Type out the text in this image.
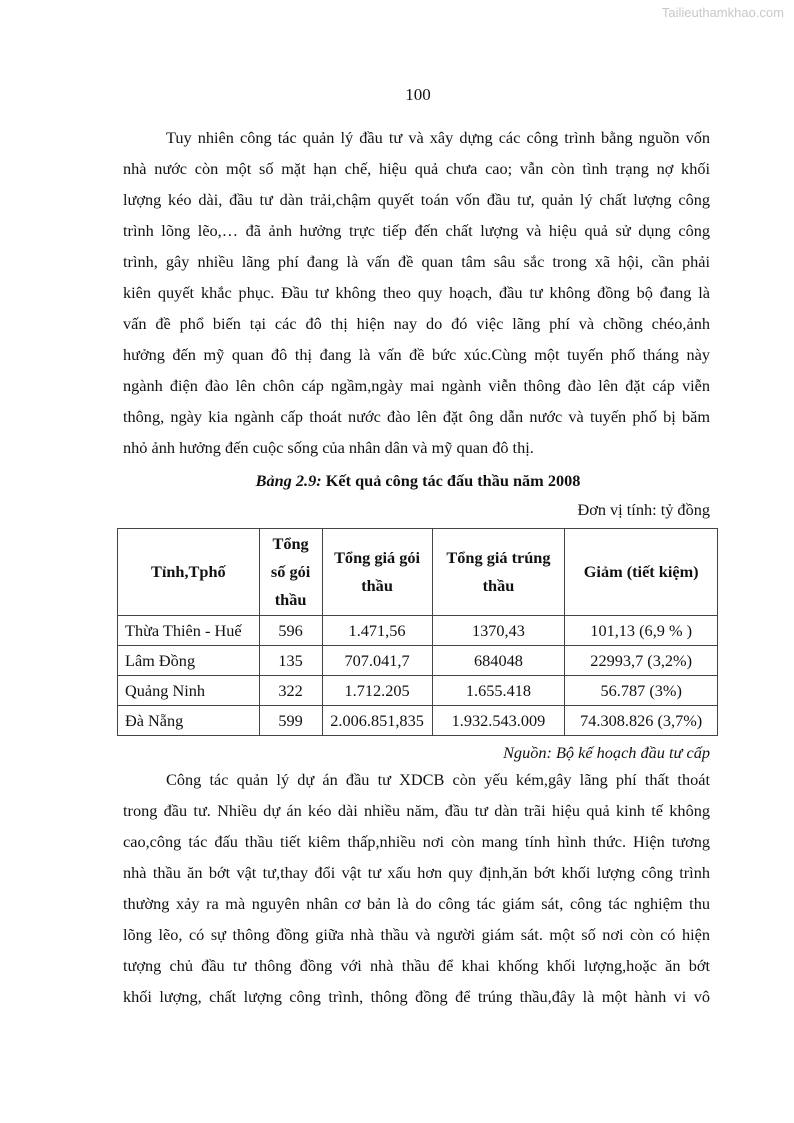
Tailieuthamkhao.com
100
Tuy nhiên công tác quản lý đầu tư và xây dựng các công trình bằng nguồn vốn
nhà nước còn một số mặt hạn chế, hiệu quả chưa cao; vẫn còn tình trạng nợ khối
lượng kéo dài, đầu tư dàn trải,chậm quyết toán vốn đầu tư, quản lý chất lượng công
trình lõng lẽo,… đã ảnh hưởng trực tiếp đến chất lượng và hiệu quả sử dụng công
trình, gây nhiều lãng phí đang là vấn đề quan tâm sâu sắc trong xã hội, cần phải
kiên quyết khắc phục. Đầu tư không theo quy hoạch, đầu tư không đồng bộ đang là
vấn đề phổ biến tại các đô thị hiện nay do đó việc lãng phí và chồng chéo,ảnh
hưởng đến mỹ quan đô thị đang là vấn đề bức xúc.Cùng một tuyến phố tháng này
ngành điện đào lên chôn cáp ngầm,ngày mai ngành viễn thông đào lên đặt cáp viễn
thông, ngày kia ngành cấp thoát nước đào lên đặt ông dẫn nước và tuyến phố bị băm
nhỏ ảnh hưởng đến cuộc sống của nhân dân và mỹ quan đô thị.
Bảng 2.9: Kết quả công tác đấu thầu năm 2008
Đơn vị tính: tỷ đồng
Tỉnh,Tphố	Tổng số gói thầu	Tổng giá gói thầu	Tổng giá trúng thầu	Giảm (tiết kiệm)
Thừa Thiên - Huế	596	1.471,56	1370,43	101,13 (6,9 % )
Lâm Đồng	135	707.041,7	684048	22993,7 (3,2%)
Quảng Ninh	322	1.712.205	1.655.418	56.787 (3%)
Đà Nẵng	599	2.006.851,835	1.932.543.009	74.308.826 (3,7%)
Nguồn: Bộ kế hoạch đầu tư cấp
Công tác quản lý dự án đầu tư XDCB còn yếu kém,gây lãng phí thất thoát
trong đầu tư. Nhiều dự án kéo dài nhiều năm, đầu tư dàn trãi hiệu quả kinh tế không
cao,công tác đấu thầu tiết kiêm thấp,nhiều nơi còn mang tính hình thức. Hiện tương
nhà thầu ăn bớt vật tư,thay đổi vật tư xấu hơn quy định,ăn bớt khối lượng công trình
thường xảy ra mà nguyên nhân cơ bản là do công tác giám sát, công tác nghiệm thu
lõng lẽo, có sự thông đồng giữa nhà thầu và người giám sát. một số nơi còn có hiện
tượng chủ đầu tư thông đồng với nhà thầu để khai khống khối lượng,hoặc ăn bớt
khối lượng, chất lượng công trình, thông đồng để trúng thầu,đây là một hành vi vô
